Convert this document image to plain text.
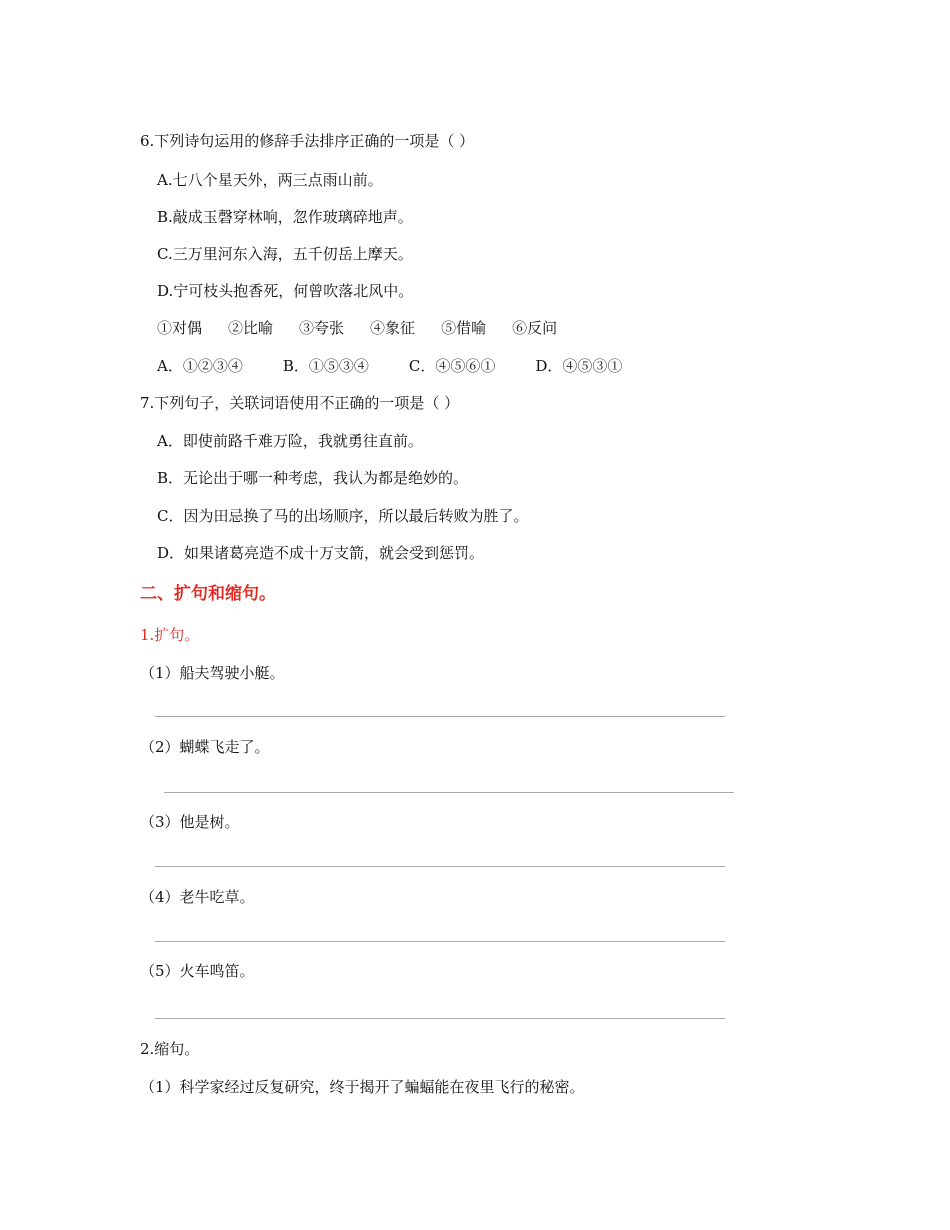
6.下列诗句运用的修辞手法排序正确的一项是（ ）
A.七八个星天外，两三点雨山前。
B.敲成玉磬穿林响，忽作玻璃碎地声。
C.三万里河东入海，五千仞岳上摩天。
D.宁可枝头抱香死，何曾吹落北风中。
①对偶 ②比喻 ③夸张 ④象征 ⑤借喻 ⑥反问
A．①②③④	B．①⑤③④	C．④⑤⑥①	D．④⑤③①
7.下列句子，关联词语使用不正确的一项是（ ）
A．即使前路千难万险，我就勇往直前。
B．无论出于哪一种考虑，我认为都是绝妙的。
C．因为田忌换了马的出场顺序，所以最后转败为胜了。
D．如果诸葛亮造不成十万支箭，就会受到惩罚。
二、扩句和缩句。
1.扩句。
（1）船夫驾驶小艇。
（2）蝴蝶飞走了。
（3）他是树。
（4）老牛吃草。
（5）火车鸣笛。
2.缩句。
（1）科学家经过反复研究，终于揭开了蝙蝠能在夜里飞行的秘密。
